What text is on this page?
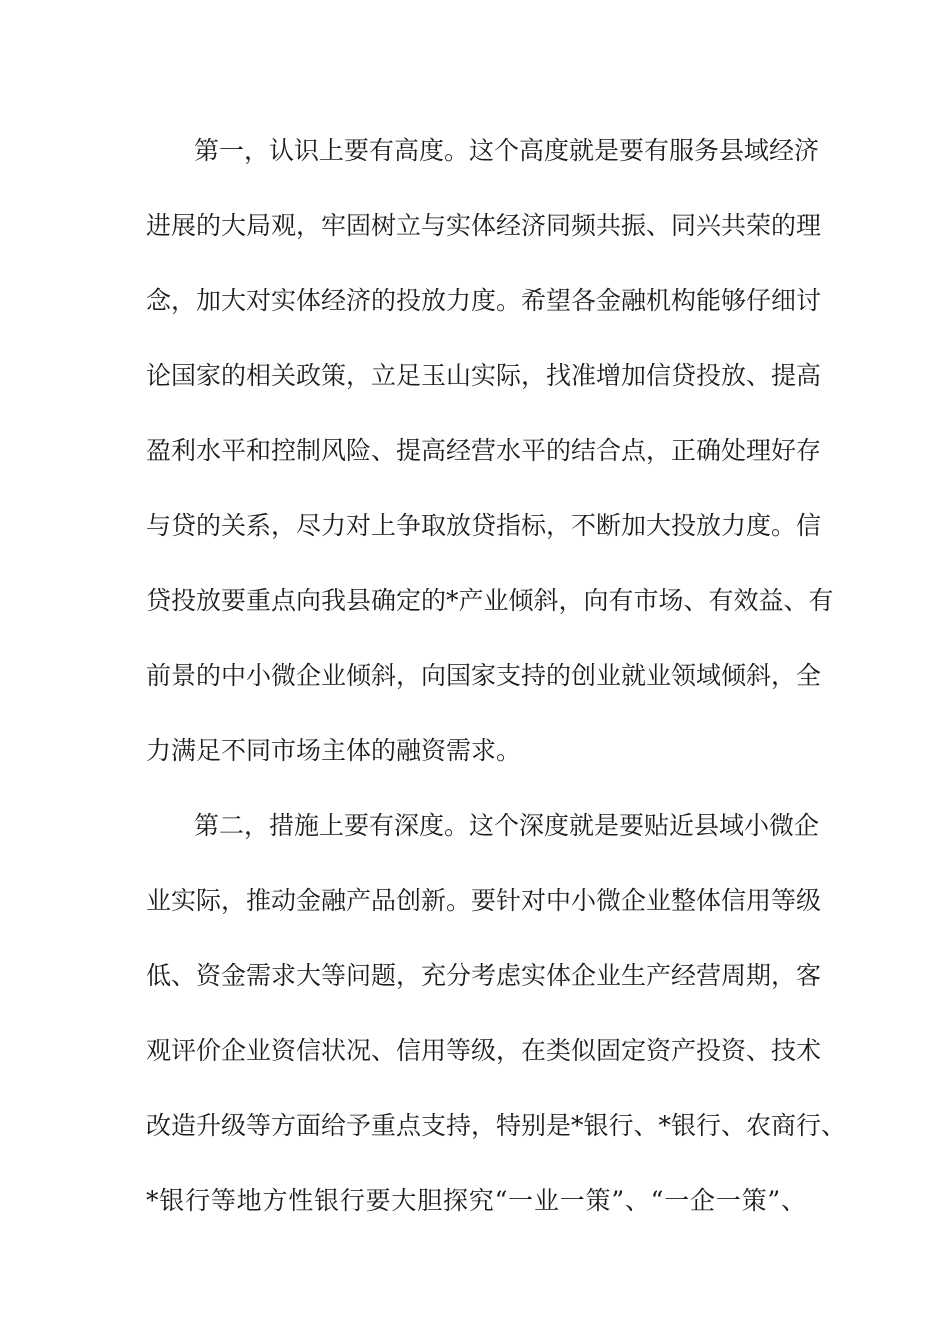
第一，认识上要有高度。这个高度就是要有服务县域经济
进展的大局观，牢固树立与实体经济同频共振、同兴共荣的理
念，加大对实体经济的投放力度。希望各金融机构能够仔细讨
论国家的相关政策，立足玉山实际，找准增加信贷投放、提高
盈利水平和控制风险、提高经营水平的结合点，正确处理好存
与贷的关系，尽力对上争取放贷指标，不断加大投放力度。信
贷投放要重点向我县确定的*产业倾斜，向有市场、有效益、有
前景的中小微企业倾斜，向国家支持的创业就业领域倾斜，全
力满足不同市场主体的融资需求。
第二，措施上要有深度。这个深度就是要贴近县域小微企
业实际，推动金融产品创新。要针对中小微企业整体信用等级
低、资金需求大等问题，充分考虑实体企业生产经营周期，客
观评价企业资信状况、信用等级，在类似固定资产投资、技术
改造升级等方面给予重点支持，特别是*银行、*银行、农商行、
*银行等地方性银行要大胆探究“一业一策”、“一企一策”、
